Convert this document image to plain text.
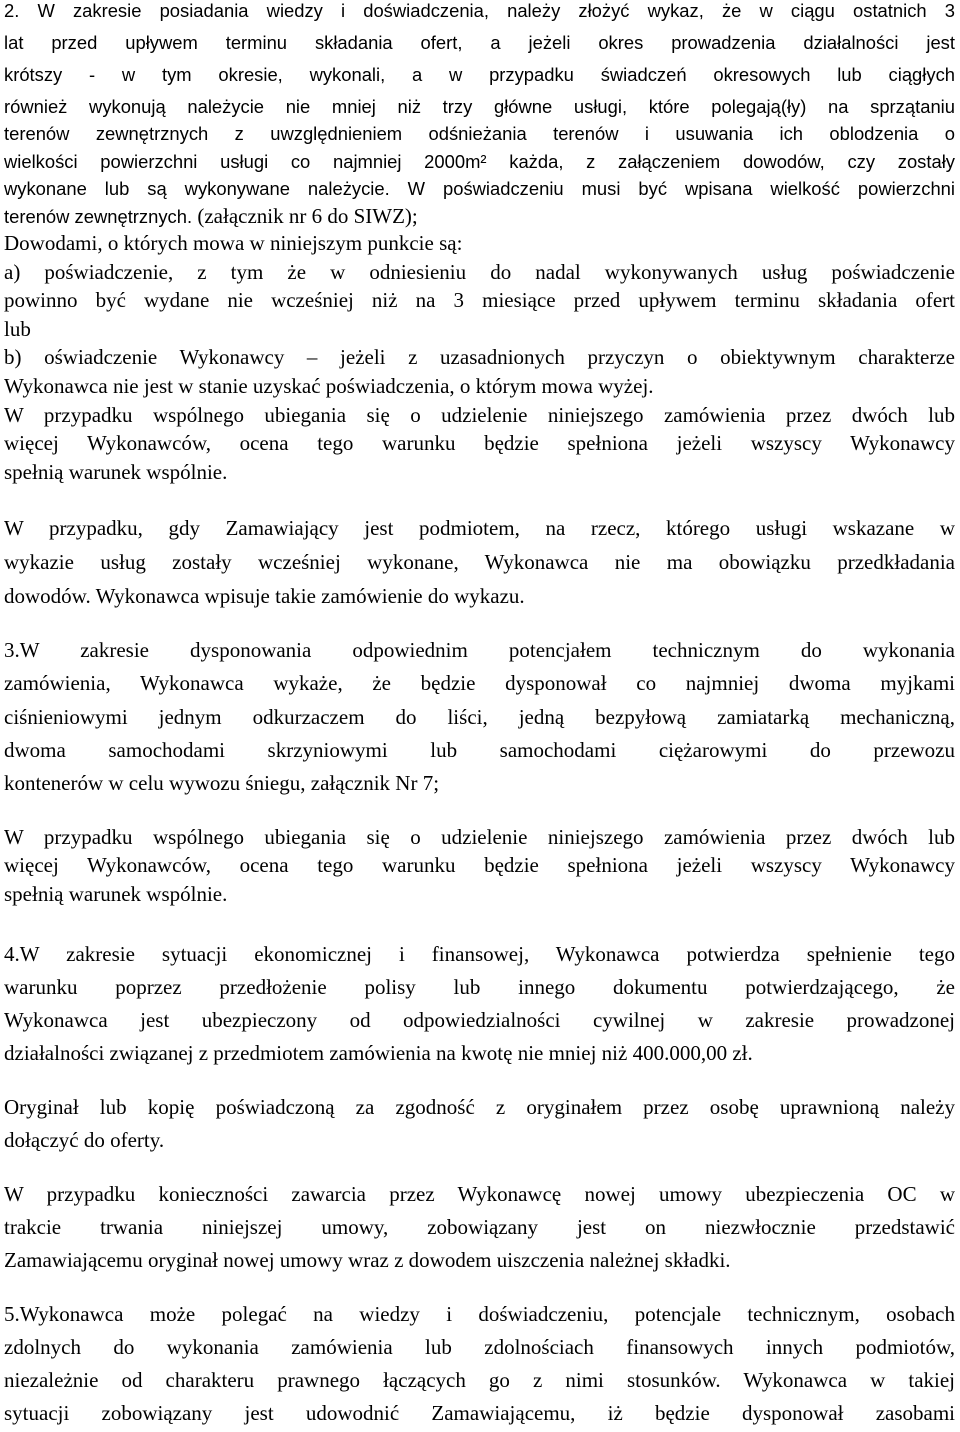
2. W zakresie posiadania wiedzy i doświadczenia, należy złożyć wykaz, że w ciągu ostatnich 3

lat przed upływem terminu składania ofert, a jeżeli okres prowadzenia działalności jest

krótszy - w tym okresie, wykonali, a w przypadku świadczeń okresowych lub ciągłych

również wykonują należycie nie mniej niż trzy główne usługi, które polegają(ły) na sprzątaniu

terenów zewnętrznych z uwzględnieniem odśnieżania terenów i usuwania ich oblodzenia o

wielkości powierzchni usługi co najmniej 2000m² każda, z załączeniem dowodów, czy zostały

wykonane lub są wykonywane należycie. W poświadczeniu musi być wpisana wielkość powierzchni

terenów zewnętrznych. (załącznik nr 6 do SIWZ);

Dowodami, o których mowa w niniejszym punkcie są:

a) poświadczenie, z tym że w odniesieniu do nadal wykonywanych usług poświadczenie

powinno być wydane nie wcześniej niż na 3 miesiące przed upływem terminu składania ofert

lub

b) oświadczenie Wykonawcy – jeżeli z uzasadnionych przyczyn o obiektywnym charakterze

Wykonawca nie jest w stanie uzyskać poświadczenia, o którym mowa wyżej.

W przypadku wspólnego ubiegania się o udzielenie niniejszego zamówienia przez dwóch lub

więcej Wykonawców, ocena tego warunku będzie spełniona jeżeli wszyscy Wykonawcy

spełnią warunek wspólnie.

W przypadku, gdy Zamawiający jest podmiotem, na rzecz, którego usługi wskazane w

wykazie usług zostały wcześniej wykonane, Wykonawca nie ma obowiązku przedkładania

dowodów. Wykonawca wpisuje takie zamówienie do wykazu.

3.W zakresie dysponowania odpowiednim potencjałem technicznym do wykonania

zamówienia, Wykonawca wykaże, że będzie dysponował co najmniej dwoma myjkami

ciśnieniowymi jednym odkurzaczem do liści, jedną bezpyłową zamiatarką mechaniczną,

dwoma samochodami skrzyniowymi lub samochodami ciężarowymi do przewozu

kontenerów w celu wywozu śniegu, załącznik Nr 7;

W przypadku wspólnego ubiegania się o udzielenie niniejszego zamówienia przez dwóch lub

więcej Wykonawców, ocena tego warunku będzie spełniona jeżeli wszyscy Wykonawcy

spełnią warunek wspólnie.

4.W zakresie sytuacji ekonomicznej i finansowej, Wykonawca potwierdza spełnienie tego

warunku poprzez przedłożenie polisy lub innego dokumentu potwierdzającego, że

Wykonawca jest ubezpieczony od odpowiedzialności cywilnej w zakresie prowadzonej

działalności związanej z przedmiotem zamówienia na kwotę nie mniej niż 400.000,00 zł.

Oryginał lub kopię poświadczoną za zgodność z oryginałem przez osobę uprawnioną należy

dołączyć do oferty.

W przypadku konieczności zawarcia przez Wykonawcę nowej umowy ubezpieczenia OC w

trakcie trwania niniejszej umowy, zobowiązany jest on niezwłocznie przedstawić

Zamawiającemu oryginał nowej umowy wraz z dowodem uiszczenia należnej składki.

5.Wykonawca może polegać na wiedzy i doświadczeniu, potencjale technicznym, osobach

zdolnych do wykonania zamówienia lub zdolnościach finansowych innych podmiotów,

niezależnie od charakteru prawnego łączących go z nimi stosunków. Wykonawca w takiej

sytuacji zobowiązany jest udowodnić Zamawiającemu, iż będzie dysponował zasobami
